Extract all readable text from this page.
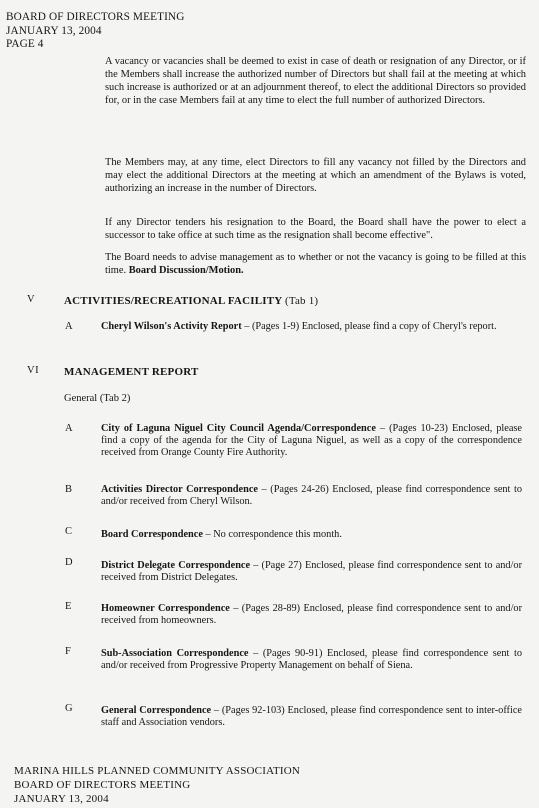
BOARD OF DIRECTORS MEETING
JANUARY 13, 2004
PAGE 4
A vacancy or vacancies shall be deemed to exist in case of death or resignation of any Director, or if the Members shall increase the authorized number of Directors but shall fail at the meeting at which such increase is authorized or at an adjournment thereof, to elect the additional Directors so provided for, or in the case Members fail at any time to elect the full number of authorized Directors.
The Members may, at any time, elect Directors to fill any vacancy not filled by the Directors and may elect the additional Directors at the meeting at which an amendment of the Bylaws is voted, authorizing an increase in the number of Directors.
If any Director tenders his resignation to the Board, the Board shall have the power to elect a successor to take office at such time as the resignation shall become effective".
The Board needs to advise management as to whether or not the vacancy is going to be filled at this time. Board Discussion/Motion.
V	ACTIVITIES/RECREATIONAL FACILITY (Tab 1)
A	Cheryl Wilson's Activity Report – (Pages 1-9) Enclosed, please find a copy of Cheryl's report.
VI MANAGEMENT REPORT
General (Tab 2)
A	City of Laguna Niguel City Council Agenda/Correspondence – (Pages 10-23) Enclosed, please find a copy of the agenda for the City of Laguna Niguel, as well as a copy of the correspondence received from Orange County Fire Authority.
B	Activities Director Correspondence – (Pages 24-26) Enclosed, please find correspondence sent to and/or received from Cheryl Wilson.
C	Board Correspondence – No correspondence this month.
D	District Delegate Correspondence – (Page 27) Enclosed, please find correspondence sent to and/or received from District Delegates.
E	Homeowner Correspondence – (Pages 28-89) Enclosed, please find correspondence sent to and/or received from homeowners.
F	Sub-Association Correspondence – (Pages 90-91) Enclosed, please find correspondence sent to and/or received from Progressive Property Management on behalf of Siena.
G	General Correspondence – (Pages 92-103) Enclosed, please find correspondence sent to inter-office staff and Association vendors.
MARINA HILLS PLANNED COMMUNITY ASSOCIATION
BOARD OF DIRECTORS MEETING
JANUARY 13, 2004
